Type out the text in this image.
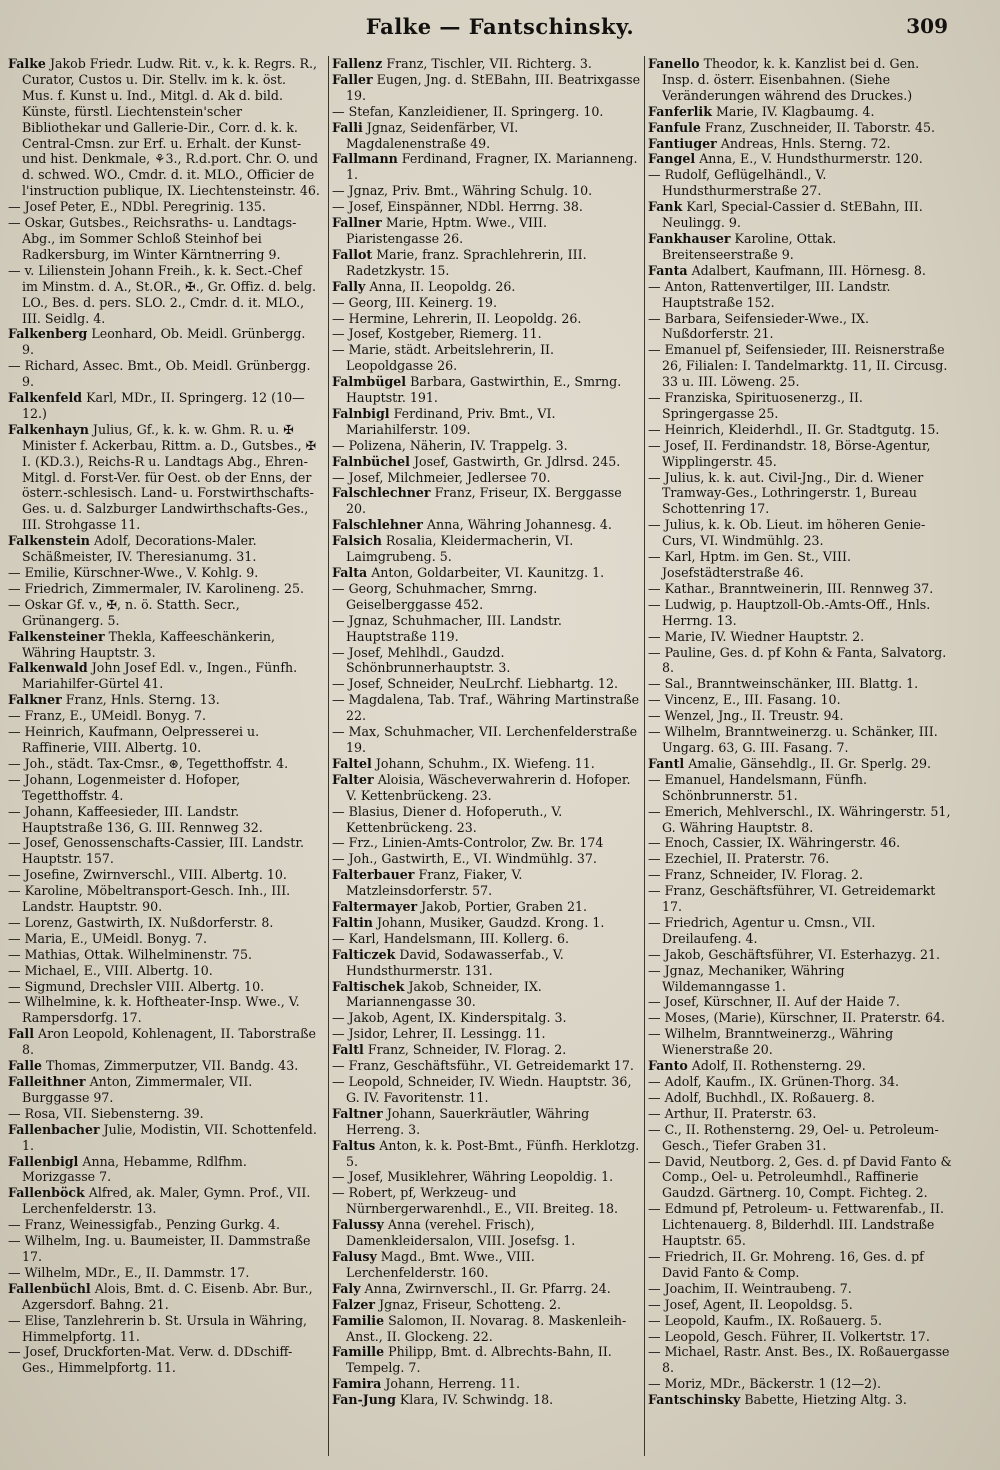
Falke — Fantschinsky.	309
Falke Jakob Friedr. Ludw. Rit. v., k. k. Regrs. R., Curator, Custos u. Dir. Stellv. im k. k. öst. Mus. f. Kunst u. Ind., Mitgl. d. Ak d. bild. Künste, fürstl. Liechtenstein'scher Bibliothekar und Gallerie-Dir., Corr. d. k. k. Central-Cmsn. zur Erf. u. Erhalt. der Kunst- und hist. Denkmale, ⚘3., R.d.port. Chr. O. und d. schwed. WO., Cmdr. d. it. MLO., Officier de l'instruction publique, IX. Liechtensteinstr. 46.
— Josef Peter, E., NDbl. Peregrinig. 135.
— Oskar, Gutsbes., Reichsraths- u. Landtags-Abg., im Sommer Schloß Steinhof bei Radkersburg, im Winter Kärntnerring 9.
— v. Lilienstein Johann Freih., k. k. Sect.-Chef im Minstm. d. A., St.OR., ✠., Gr. Offiz. d. belg. LO., Bes. d. pers. SLO. 2., Cmdr. d. it. MLO., III. Seidlg. 4.
Falkenberg Leonhard, Ob. Meidl. Grünbergg. 9.
— Richard, Assec. Bmt., Ob. Meidl. Grünbergg. 9.
Falkenfeld Karl, MDr., II. Springerg. 12 (10—12.)
Falkenhayn Julius, Gf., k. k. w. Ghm. R. u. ✠ Minister f. Ackerbau, Rittm. a. D., Gutsbes., ✠ I. (KD.3.), Reichs-R u. Landtags Abg., Ehren-Mitgl. d. Forst-Ver. für Oest. ob der Enns, der österr.-schlesisch. Land- u. Forstwirthschafts-Ges. u. d. Salzburger Landwirthschafts-Ges., III. Strohgasse 11.
Falkenstein Adolf, Decorations-Maler. Schäßmeister, IV. Theresianumg. 31.
— Emilie, Kürschner-Wwe., V. Kohlg. 9.
— Friedrich, Zimmermaler, IV. Karolineng. 25.
— Oskar Gf. v., ✠, n. ö. Statth. Secr., Grünangerg. 5.
Falkensteiner Thekla, Kaffeeschänkerin, Währing Hauptstr. 3.
Falkenwald John Josef Edl. v., Ingen., Fünfh. Mariahilfer-Gürtel 41.
Falkner Franz, Hnls. Sterng. 13.
— Franz, E., UMeidl. Bonyg. 7.
— Heinrich, Kaufmann, Oelpresserei u. Raffinerie, VIII. Albertg. 10.
— Joh., städt. Tax-Cmsr., ⊛, Tegetthoffstr. 4.
— Johann, Logenmeister d. Hofoper, Tegetthoffstr. 4.
— Johann, Kaffeesieder, III. Landstr. Hauptstraße 136, G. III. Rennweg 32.
— Josef, Genossenschafts-Cassier, III. Landstr. Hauptstr. 157.
— Josefine, Zwirnverschl., VIII. Albertg. 10.
— Karoline, Möbeltransport-Gesch. Inh., III. Landstr. Hauptstr. 90.
— Lorenz, Gastwirth, IX. Nußdorferstr. 8.
— Maria, E., UMeidl. Bonyg. 7.
— Mathias, Ottak. Wilhelminenstr. 75.
— Michael, E., VIII. Albertg. 10.
— Sigmund, Drechsler VIII. Albertg. 10.
— Wilhelmine, k. k. Hoftheater-Insp. Wwe., V. Rampersdorfg. 17.
Fall Aron Leopold, Kohlenagent, II. Taborstraße 8.
Falle Thomas, Zimmerputzer, VII. Bandg. 43.
Falleithner Anton, Zimmermaler, VII. Burggasse 97.
— Rosa, VII. Siebensterng. 39.
Fallenbacher Julie, Modistin, VII. Schottenfeld. 1.
Fallenbigl Anna, Hebamme, Rdlfhm. Morizgasse 7.
Fallenböck Alfred, ak. Maler, Gymn. Prof., VII. Lerchenfelderstr. 13.
— Franz, Weinessigfab., Penzing Gurkg. 4.
— Wilhelm, Ing. u. Baumeister, II. Dammstraße 17.
— Wilhelm, MDr., E., II. Dammstr. 17.
Fallenbüchl Alois, Bmt. d. C. Eisenb. Abr. Bur., Azgersdorf. Bahng. 21.
— Elise, Tanzlehrerin b. St. Ursula in Währing, Himmelpfortg. 11.
— Josef, Druckforten-Mat. Verw. d. DDschiff-Ges., Himmelpfortg. 11.
Fallenz Franz, Tischler, VII. Richterg. 3.
Faller Eugen, Jng. d. StEBahn, III. Beatrixgasse 19.
— Stefan, Kanzleidiener, II. Springerg. 10.
Falli Jgnaz, Seidenfärber, VI. Magdalenenstraße 49.
Fallmann Ferdinand, Fragner, IX. Marianneng. 1.
— Jgnaz, Priv. Bmt., Währing Schulg. 10.
— Josef, Einspänner, NDbl. Herrng. 38.
Fallner Marie, Hptm. Wwe., VIII. Piaristengasse 26.
Fallot Marie, franz. Sprachlehrerin, III. Radetzkystr. 15.
Fally Anna, II. Leopoldg. 26.
— Georg, III. Keinerg. 19.
— Hermine, Lehrerin, II. Leopoldg. 26.
— Josef, Kostgeber, Riemerg. 11.
— Marie, städt. Arbeitslehrerin, II. Leopoldgasse 26.
Falmbügel Barbara, Gastwirthin, E., Smrng. Hauptstr. 191.
Falnbigl Ferdinand, Priv. Bmt., VI. Mariahilferstr. 109.
— Polizena, Näherin, IV. Trappelg. 3.
Falnbüchel Josef, Gastwirth, Gr. Jdlrsd. 245.
— Josef, Milchmeier, Jedlersee 70.
Falschlechner Franz, Friseur, IX. Berggasse 20.
Falschlehner Anna, Währing Johannesg. 4.
Falsich Rosalia, Kleidermacherin, VI. Laimgrubeng. 5.
Falta Anton, Goldarbeiter, VI. Kaunitzg. 1.
— Georg, Schuhmacher, Smrng. Geiselberggasse 452.
— Jgnaz, Schuhmacher, III. Landstr. Hauptstraße 119.
— Josef, Mehlhdl., Gaudzd. Schönbrunnerhauptstr. 3.
— Josef, Schneider, NeuLrchf. Liebhartg. 12.
— Magdalena, Tab. Traf., Währing Martinstraße 22.
— Max, Schuhmacher, VII. Lerchenfelderstraße 19.
Faltel Johann, Schuhm., IX. Wiefeng. 11.
Falter Aloisia, Wäscheverwahrerin d. Hofoper. V. Kettenbrückeng. 23.
— Blasius, Diener d. Hofoperuth., V. Kettenbrückeng. 23.
— Frz., Linien-Amts-Controlor, Zw. Br. 174
— Joh., Gastwirth, E., VI. Windmühlg. 37.
Falterbauer Franz, Fiaker, V. Matzleinsdorferstr. 57.
Faltermayer Jakob, Portier, Graben 21.
Faltin Johann, Musiker, Gaudzd. Krong. 1.
— Karl, Handelsmann, III. Kollerg. 6.
Falticzek David, Sodawasserfab., V. Hundsthurmerstr. 131.
Faltischek Jakob, Schneider, IX. Mariannengasse 30.
— Jakob, Agent, IX. Kinderspitalg. 3.
— Jsidor, Lehrer, II. Lessingg. 11.
Faltl Franz, Schneider, IV. Florag. 2.
— Franz, Geschäftsführ., VI. Getreidemarkt 17.
— Leopold, Schneider, IV. Wiedn. Hauptstr. 36, G. IV. Favoritenstr. 11.
Faltner Johann, Sauerkräutler, Währing Herreng. 3.
Faltus Anton, k. k. Post-Bmt., Fünfh. Herklotzg. 5.
— Josef, Musiklehrer, Währing Leopoldig. 1.
— Robert, pf, Werkzeug- und Nürnbergerwarenhdl., E., VII. Breiteg. 18.
Falussy Anna (verehel. Frisch), Damenkleidersalon, VIII. Josefsg. 1.
Falusy Magd., Bmt. Wwe., VIII. Lerchenfelderstr. 160.
Faly Anna, Zwirnverschl., II. Gr. Pfarrg. 24.
Falzer Jgnaz, Friseur, Schotteng. 2.
Familie Salomon, II. Novarag. 8. Maskenleih-Anst., II. Glockeng. 22.
Famille Philipp, Bmt. d. Albrechts-Bahn, II. Tempelg. 7.
Famira Johann, Herreng. 11.
Fan-Jung Klara, IV. Schwindg. 18.
Fanello Theodor, k. k. Kanzlist bei d. Gen. Insp. d. österr. Eisenbahnen. (Siehe Veränderungen während des Druckes.)
Fanferlik Marie, IV. Klagbaumg. 4.
Fanfule Franz, Zuschneider, II. Taborstr. 45.
Fantiuger Andreas, Hnls. Sterng. 72.
Fangel Anna, E., V. Hundsthurmerstr. 120.
— Rudolf, Geflügelhändl., V. Hundsthurmerstraße 27.
Fank Karl, Special-Cassier d. StEBahn, III. Neulingg. 9.
Fankhauser Karoline, Ottak. Breitenseerstraße 9.
Fanta Adalbert, Kaufmann, III. Hörnesg. 8.
— Anton, Rattenvertilger, III. Landstr. Hauptstraße 152.
— Barbara, Seifensieder-Wwe., IX. Nußdorferstr. 21.
— Emanuel pf, Seifensieder, III. Reisnerstraße 26, Filialen: I. Tandelmarktg. 11, II. Circusg. 33 u. III. Löweng. 25.
— Franziska, Spirituosenerzg., II. Springergasse 25.
— Heinrich, Kleiderhdl., II. Gr. Stadtgutg. 15.
— Josef, II. Ferdinandstr. 18, Börse-Agentur, Wipplingerstr. 45.
— Julius, k. k. aut. Civil-Jng., Dir. d. Wiener Tramway-Ges., Lothringerstr. 1, Bureau Schottenring 17.
— Julius, k. k. Ob. Lieut. im höheren Genie-Curs, VI. Windmühlg. 23.
— Karl, Hptm. im Gen. St., VIII. Josefstädterstraße 46.
— Kathar., Branntweinerin, III. Rennweg 37.
— Ludwig, p. Hauptzoll-Ob.-Amts-Off., Hnls. Herrng. 13.
— Marie, IV. Wiedner Hauptstr. 2.
— Pauline, Ges. d. pf Kohn & Fanta, Salvatorg. 8.
— Sal., Branntweinschänker, III. Blattg. 1.
— Vincenz, E., III. Fasang. 10.
— Wenzel, Jng., II. Treustr. 94.
— Wilhelm, Branntweinerzg. u. Schänker, III. Ungarg. 63, G. III. Fasang. 7.
Fantl Amalie, Gänsehdlg., II. Gr. Sperlg. 29.
— Emanuel, Handelsmann, Fünfh. Schönbrunnerstr. 51.
— Emerich, Mehlverschl., IX. Währingerstr. 51, G. Währing Hauptstr. 8.
— Enoch, Cassier, IX. Währingerstr. 46.
— Ezechiel, II. Praterstr. 76.
— Franz, Schneider, IV. Florag. 2.
— Franz, Geschäftsführer, VI. Getreidemarkt 17.
— Friedrich, Agentur u. Cmsn., VII. Dreilaufeng. 4.
— Jakob, Geschäftsführer, VI. Esterhazyg. 21.
— Jgnaz, Mechaniker, Währing Wildemanngasse 1.
— Josef, Kürschner, II. Auf der Haide 7.
— Moses, (Marie), Kürschner, II. Praterstr. 64.
— Wilhelm, Branntweinerzg., Währing Wienerstraße 20.
Fanto Adolf, II. Rothensterng. 29.
— Adolf, Kaufm., IX. Grünen-Thorg. 34.
— Adolf, Buchhdl., IX. Roßauerg. 8.
— Arthur, II. Praterstr. 63.
— C., II. Rothensterng. 29, Oel- u. Petroleum-Gesch., Tiefer Graben 31.
— David, Neutborg. 2, Ges. d. pf David Fanto & Comp., Oel- u. Petroleumhdl., Raffinerie Gaudzd. Gärtnerg. 10, Compt. Fichteg. 2.
— Edmund pf, Petroleum- u. Fettwarenfab., II. Lichtenauerg. 8, Bilderhdl. III. Landstraße Hauptstr. 65.
— Friedrich, II. Gr. Mohreng. 16, Ges. d. pf David Fanto & Comp.
— Joachim, II. Weintraubeng. 7.
— Josef, Agent, II. Leopoldsg. 5.
— Leopold, Kaufm., IX. Roßauerg. 5.
— Leopold, Gesch. Führer, II. Volkertstr. 17.
— Michael, Rastr. Anst. Bes., IX. Roßauergasse 8.
— Moriz, MDr., Bäckerstr. 1 (12—2).
Fantschinsky Babette, Hietzing Altg. 3.
